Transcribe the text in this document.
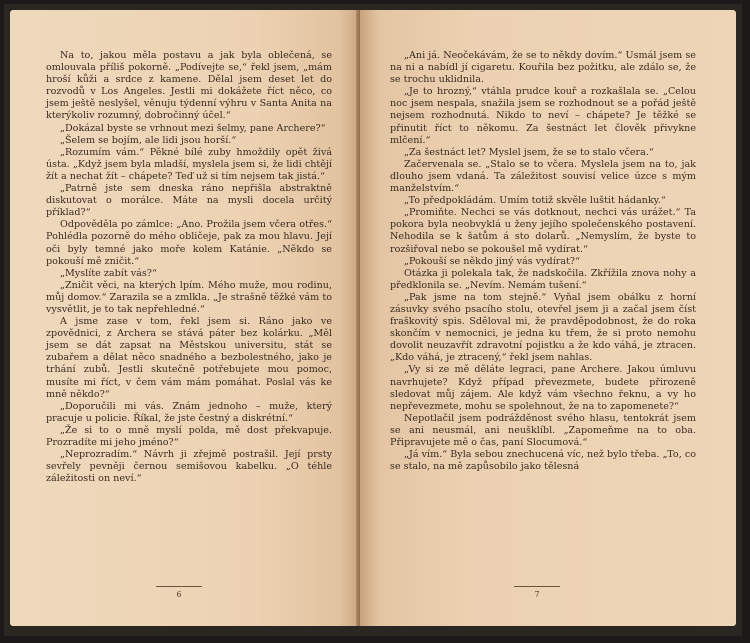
Na to, jakou měla postavu a jak byla oblečená, se omlouvala příliš pokorně. „Podívejte se,“ řekl jsem, „mám hroší kůži a srdce z kamene. Dělal jsem deset let do rozvodů v Los Angeles. Jestli mi dokážete říct něco, co jsem ještě neslyšel, věnuju týdenní výhru v Santa Anita na kterýkoliv rozumný, dobročinný účel.“

„Dokázal byste se vrhnout mezi šelmy, pane Archere?“

„Šelem se bojím, ale lidi jsou horší.“

„Rozumím vám.“ Pěkné bílé zuby hmoždily opět živá ústa. „Když jsem byla mladší, myslela jsem si, že lidi chtějí žít a nechat žít – chápete? Teď už si tím nejsem tak jistá.“

„Patrně jste sem dneska ráno nepřišla abstraktně diskutovat o morálce. Máte na mysli docela určitý příklad?“

Odpověděla po zámlce: „Ano. Prožila jsem včera otřes.“ Pohlédla pozorně do mého obličeje, pak za mou hlavu. Její oči byly temné jako moře kolem Katánie. „Někdo se pokouší mě zničit.“

„Myslíte zabít vás?“

„Zničit věci, na kterých lpím. Mého muže, mou rodinu, můj domov.“ Zarazila se a zmlkla. „Je strašně těžké vám to vysvětlit, je to tak nepřehledné.“

A jsme zase v tom, řekl jsem si. Ráno jako ve zpovědnici, z Archera se stává páter bez kolárku. „Měl jsem se dát zapsat na Městskou universitu, stát se zubařem a dělat něco snadného a bezbolestného, jako je trhání zubů. Jestli skutečně potřebujete mou pomoc, musíte mi říct, v čem vám mám pomáhat. Poslal vás ke mně někdo?“

„Doporučili mi vás. Znám jednoho – muže, který pracuje u policie. Říkal, že jste čestný a diskrétní.“

„Že si to o mně myslí polda, mě dost překvapuje. Prozradíte mi jeho jméno?“

„Neprozradím.“ Návrh ji zřejmě postrašil. Její prsty sevřely pevněji černou semišovou kabelku. „O téhle záležitosti on neví.“

6

„Ani já. Neočekávám, že se to někdy dovím.“ Usmál jsem se na ni a nabídl jí cigaretu. Kouřila bez požitku, ale zdálo se, že se trochu uklidnila.

„Je to hrozný,“ vtáhla prudce kouř a rozkašlala se. „Celou noc jsem nespala, snažila jsem se rozhodnout se a pořád ještě nejsem rozhodnutá. Nikdo to neví – chápete? Je těžké se přinutit říct to někomu. Za šestnáct let člověk přivykne mlčení.“

„Za šestnáct let? Myslel jsem, že se to stalo včera.“

Začervenala se. „Stalo se to včera. Myslela jsem na to, jak dlouho jsem vdaná. Ta záležitost souvisí velice úzce s mým manželstvím.“

„To předpokládám. Umím totiž skvěle luštit hádanky.“

„Promiňte. Nechci se vás dotknout, nechci vás urážet.“ Ta pokora byla neobvyklá u ženy jejího společenského postavení. Nehodila se k šatům á sto dolarů. „Nemyslím, že byste to rozšiřoval nebo se pokoušel mě vydírat.“

„Pokouší se někdo jiný vás vydírat?“

Otázka ji polekala tak, že nadskočila. Zkřížila znova nohy a předklonila se. „Nevím. Nemám tušení.“

„Pak jsme na tom stejně.“ Vyňal jsem obálku z horní zásuvky svého psacího stolu, otevřel jsem ji a začal jsem číst fraškovitý spis. Sděloval mi, že pravděpodobnost, že do roka skončím v nemocnici, je jedna ku třem, že si proto nemohu dovolit neuzavřít zdravotní pojistku a že kdo váhá, je ztracen. „Kdo váhá, je ztracený,“ řekl jsem nahlas.

„Vy si ze mě děláte legraci, pane Archere. Jakou úmluvu navrhujete? Když případ převezmete, budete přirozeně sledovat můj zájem. Ale když vám všechno řeknu, a vy ho nepřevezmete, mohu se spolehnout, že na to zapomenete?“

Nepotlačil jsem podrážděnost svého hlasu, tentokrát jsem se ani neusmál, ani neušklíbl. „Zapomeňme na to oba. Připravujete mě o čas, paní Slocumová.“

„Já vím.“ Byla sebou znechucená víc, než bylo třeba. „To, co se stalo, na mě zapůsobilo jako tělesná

7
